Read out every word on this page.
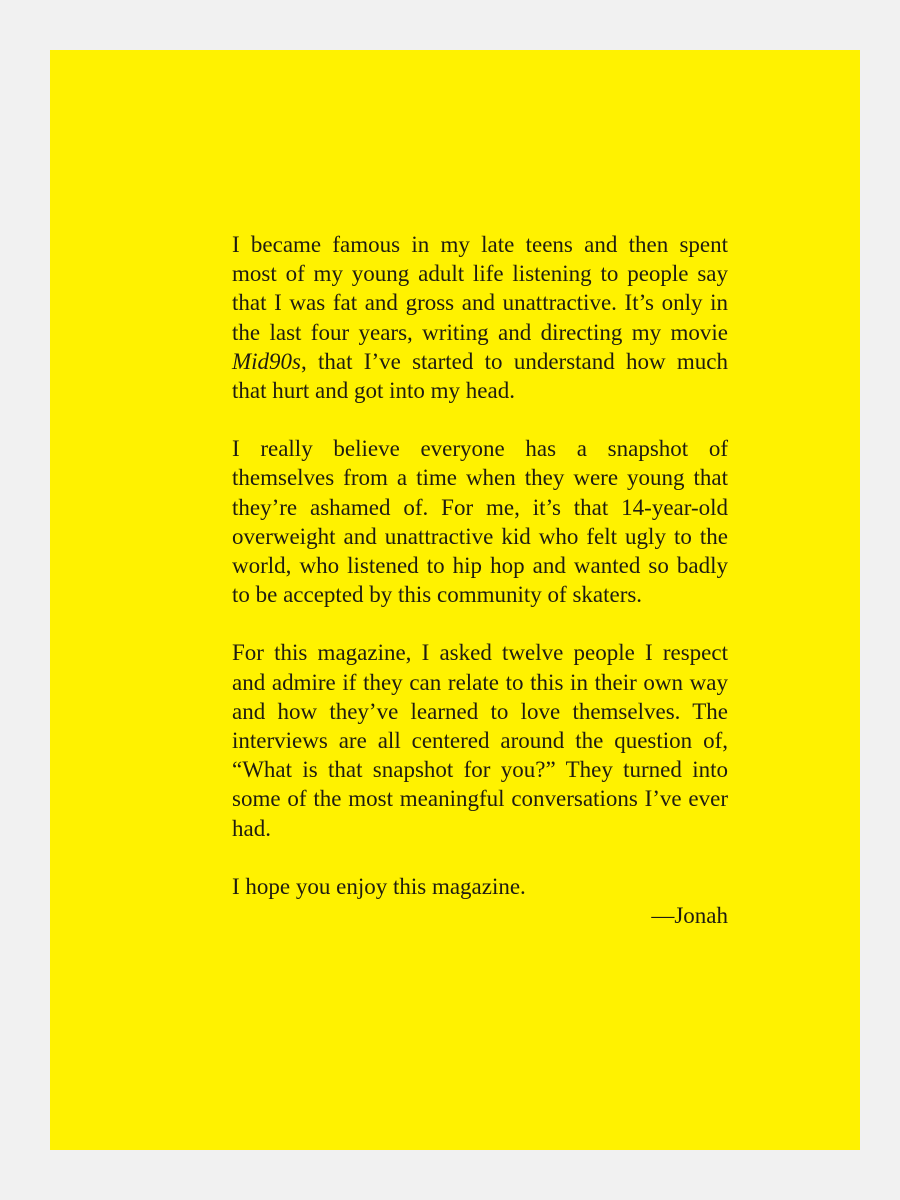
I became famous in my late teens and then spent most of my young adult life listening to people say that I was fat and gross and unattractive. It’s only in the last four years, writing and directing my movie Mid90s, that I’ve started to understand how much that hurt and got into my head.

I really believe everyone has a snapshot of themselves from a time when they were young that they’re ashamed of. For me, it’s that 14-year-old overweight and unattractive kid who felt ugly to the world, who listened to hip hop and wanted so badly to be accepted by this community of skaters.

For this magazine, I asked twelve people I respect and admire if they can relate to this in their own way and how they’ve learned to love themselves. The interviews are all centered around the question of, “What is that snapshot for you?” They turned into some of the most meaningful conversations I’ve ever had.

I hope you enjoy this magazine.

—Jonah
